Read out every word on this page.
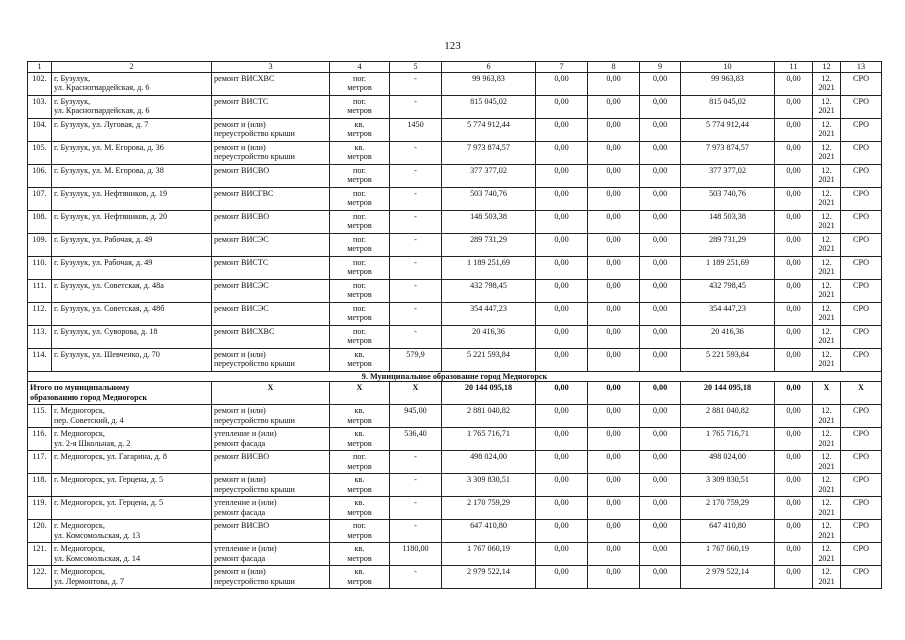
123
1	2	3	4	5	6	7	8	9	10	11	12	13

102.	г. Бузулук,
ул. Красногвардейская, д. 6	ремонт ВИСХВС	пог.
метров	-	99 963,83	0,00	0,00	0,00	99 963,83	0,00	12.
2021	СРО

103.	г. Бузулук,
ул. Красногвардейская, д. 6	ремонт ВИСТС	пог.
метров	-	815 045,02	0,00	0,00	0,00	815 045,02	0,00	12.
2021	СРО

104.	г. Бузулук, ул. Луговая, д. 7	ремонт и (или)
переустройство крыши	кв.
метров	1450	5 774 912,44	0,00	0,00	0,00	5 774 912,44	0,00	12.
2021	СРО

105.	г. Бузулук, ул. М. Егорова, д. 36	ремонт и (или)
переустройство крыши	кв.
метров	-	7 973 874,57	0,00	0,00	0,00	7 973 874,57	0,00	12.
2021	СРО

106.	г. Бузулук, ул. М. Егорова, д. 38	ремонт ВИСВО	пог.
метров	-	377 377,02	0,00	0,00	0,00	377 377,02	0,00	12.
2021	СРО

107.	г. Бузулук, ул. Нефтяников, д. 19	ремонт ВИСГВС	пог.
метров	-	503 740,76	0,00	0,00	0,00	503 740,76	0,00	12.
2021	СРО

108.	г. Бузулук, ул. Нефтяников, д. 20	ремонт ВИСВО	пог.
метров	-	148 503,38	0,00	0,00	0,00	148 503,38	0,00	12.
2021	СРО

109.	г. Бузулук, ул. Рабочая, д. 49	ремонт ВИСЭС	пог.
метров	-	289 731,29	0,00	0,00	0,00	289 731,29	0,00	12.
2021	СРО

110.	г. Бузулук, ул. Рабочая, д. 49	ремонт ВИСТС	пог.
метров	-	1 189 251,69	0,00	0,00	0,00	1 189 251,69	0,00	12.
2021	СРО

111.	г. Бузулук, ул. Советская, д. 48а	ремонт ВИСЭС	пог.
метров	-	432 798,45	0,00	0,00	0,00	432 798,45	0,00	12.
2021	СРО

112.	г. Бузулук, ул. Советская, д. 48б	ремонт ВИСЭС	пог.
метров	-	354 447,23	0,00	0,00	0,00	354 447,23	0,00	12.
2021	СРО

113.	г. Бузулук, ул. Суворова, д. 18	ремонт ВИСХВС	пог.
метров	-	20 416,36	0,00	0,00	0,00	20 416,36	0,00	12.
2021	СРО

114.	г. Бузулук, ул. Шевченко, д. 70	ремонт и (или)
переустройство крыши	кв.
метров	579,9	5 221 593,84	0,00	0,00	0,00	5 221 593,84	0,00	12.
2021	СРО

9. Муниципальное образование город Медногорск												

Итого по муниципальному
образованию город Медногорск		X	X	X	20 144 095,18	0,00	0,00	0,00	20 144 095,18	0,00	X	X

115.	г. Медногорск,
пер. Советский, д. 4	ремонт и (или)
переустройство крыши	кв.
метров	945,00	2 881 040,82	0,00	0,00	0,00	2 881 040,82	0,00	12.
2021	СРО

116.	г. Медногорск,
ул. 2-я Школьная, д. 2	утепление и (или)
ремонт фасада	кв.
метров	536,40	1 765 716,71	0,00	0,00	0,00	1 765 716,71	0,00	12.
2021	СРО

117.	г. Медногорск, ул. Гагарина, д. 8	ремонт ВИСВО	пог.
метров	-	498 024,00	0,00	0,00	0,00	498 024,00	0,00	12.
2021	СРО

118.	г. Медногорск, ул. Герцена, д. 5	ремонт и (или)
переустройство крыши	кв.
метров	-	3 309 830,51	0,00	0,00	0,00	3 309 830,51	0,00	12.
2021	СРО

119.	г. Медногорск, ул. Герцена, д. 5	утепление и (или)
ремонт фасада	кв.
метров	-	2 170 759,29	0,00	0,00	0,00	2 170 759,29	0,00	12.
2021	СРО

120.	г. Медногорск,
ул. Комсомольская, д. 13	ремонт ВИСВО	пог.
метров	-	647 410,80	0,00	0,00	0,00	647 410,80	0,00	12.
2021	СРО

121.	г. Медногорск,
ул. Комсомольская, д. 14	утепление и (или)
ремонт фасада	кв.
метров	1180,00	1 767 060,19	0,00	0,00	0,00	1 767 060,19	0,00	12.
2021	СРО

122.	г. Медногорск,
ул. Лермонтова, д. 7	ремонт и (или)
переустройство крыши	кв.
метров	-	2 979 522,14	0,00	0,00	0,00	2 979 522,14	0,00	12.
2021	СРО
